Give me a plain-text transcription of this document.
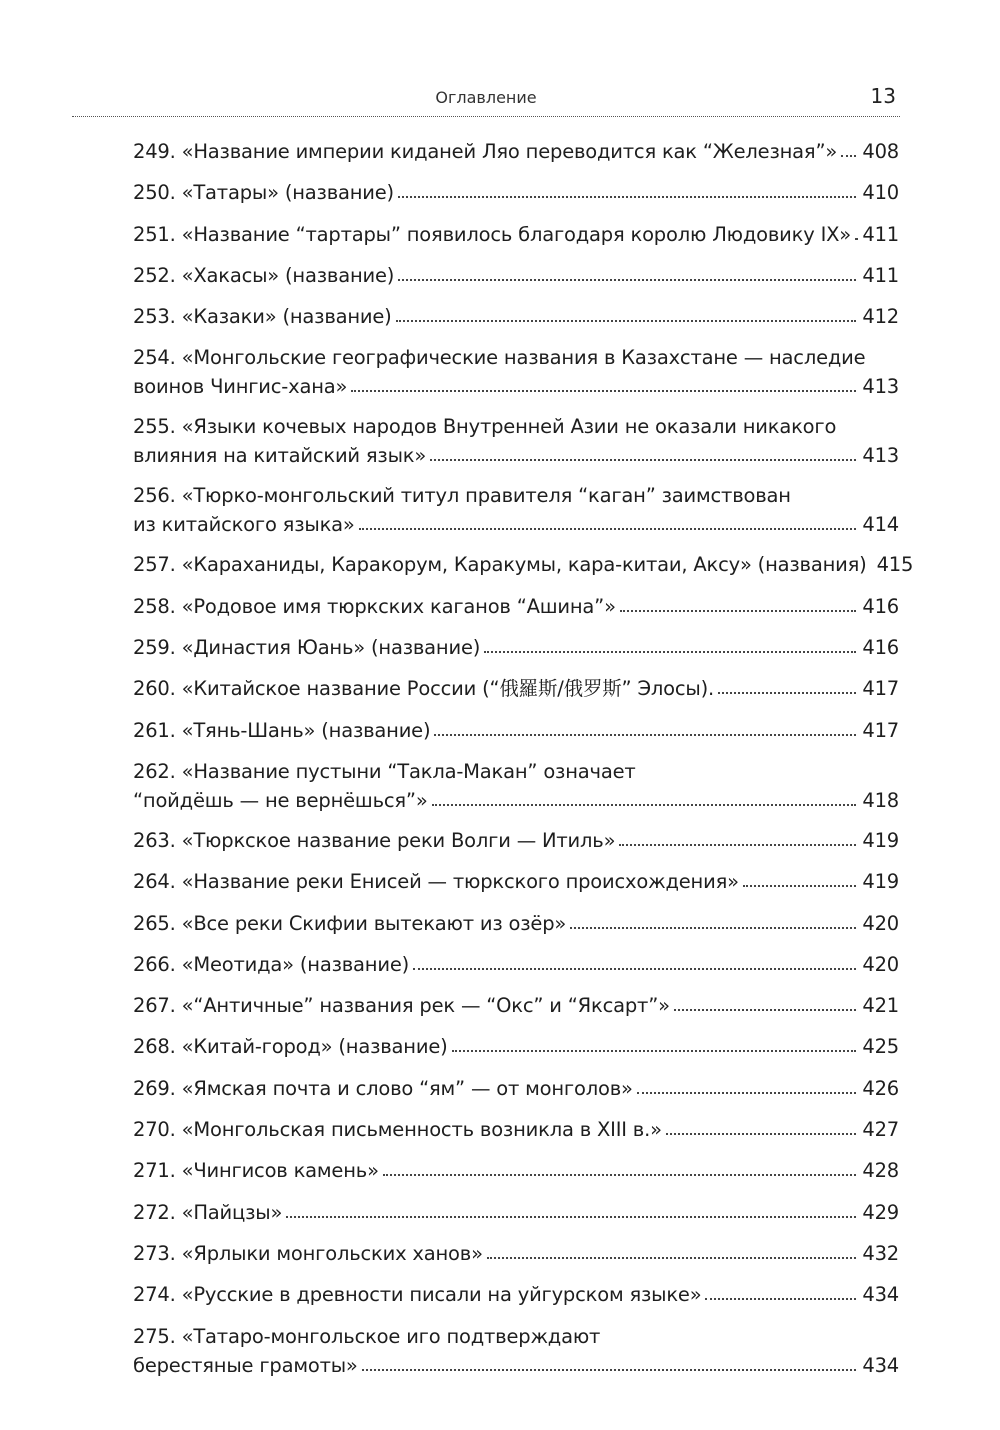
Оглавление	13
249. «Название империи киданей Ляо переводится как “Железная”» 408
250. «Татары» (название)	410
251. «Название “тартары” появилось благодаря королю Людовику IX» 411
252. «Хакасы» (название)	411
253. «Казаки» (название)	412
254. «Монгольские географические названия в Казахстане — наследие
воинов Чингис-хана»	413
255. «Языки кочевых народов Внутренней Азии не оказали никакого
влияния на китайский язык»	413
256. «Тюрко-монгольский титул правителя “каган” заимствован
из китайского языка»	414
257. «Караханиды, Каракорум, Каракумы, кара-китаи, Аксу» (названия) 415
258. «Родовое имя тюркских каганов “Ашина”»	416
259. «Династия Юань» (название)	416
260. «Китайское название России (“俄羅斯/俄罗斯” Элосы).	417
261. «Тянь-Шань» (название)	417
262. «Название пустыни “Такла-Макан” означает
“пойдёшь — не вернёшься”»	418
263. «Тюркское название реки Волги — Итиль»	419
264. «Название реки Енисей — тюркского происхождения»	419
265. «Все реки Скифии вытекают из озёр»	420
266. «Меотида» (название)	420
267. «“Античные” названия рек — “Окс” и “Яксарт”»	421
268. «Китай-город» (название)	425
269. «Ямская почта и слово “ям” — от монголов»	426
270. «Монгольская письменность возникла в XIII в.»	427
271. «Чингисов камень»	428
272. «Пайцзы»	429
273. «Ярлыки монгольских ханов»	432
274. «Русские в древности писали на уйгурском языке»	434
275. «Татаро-монгольское иго подтверждают
берестяные грамоты»	434
